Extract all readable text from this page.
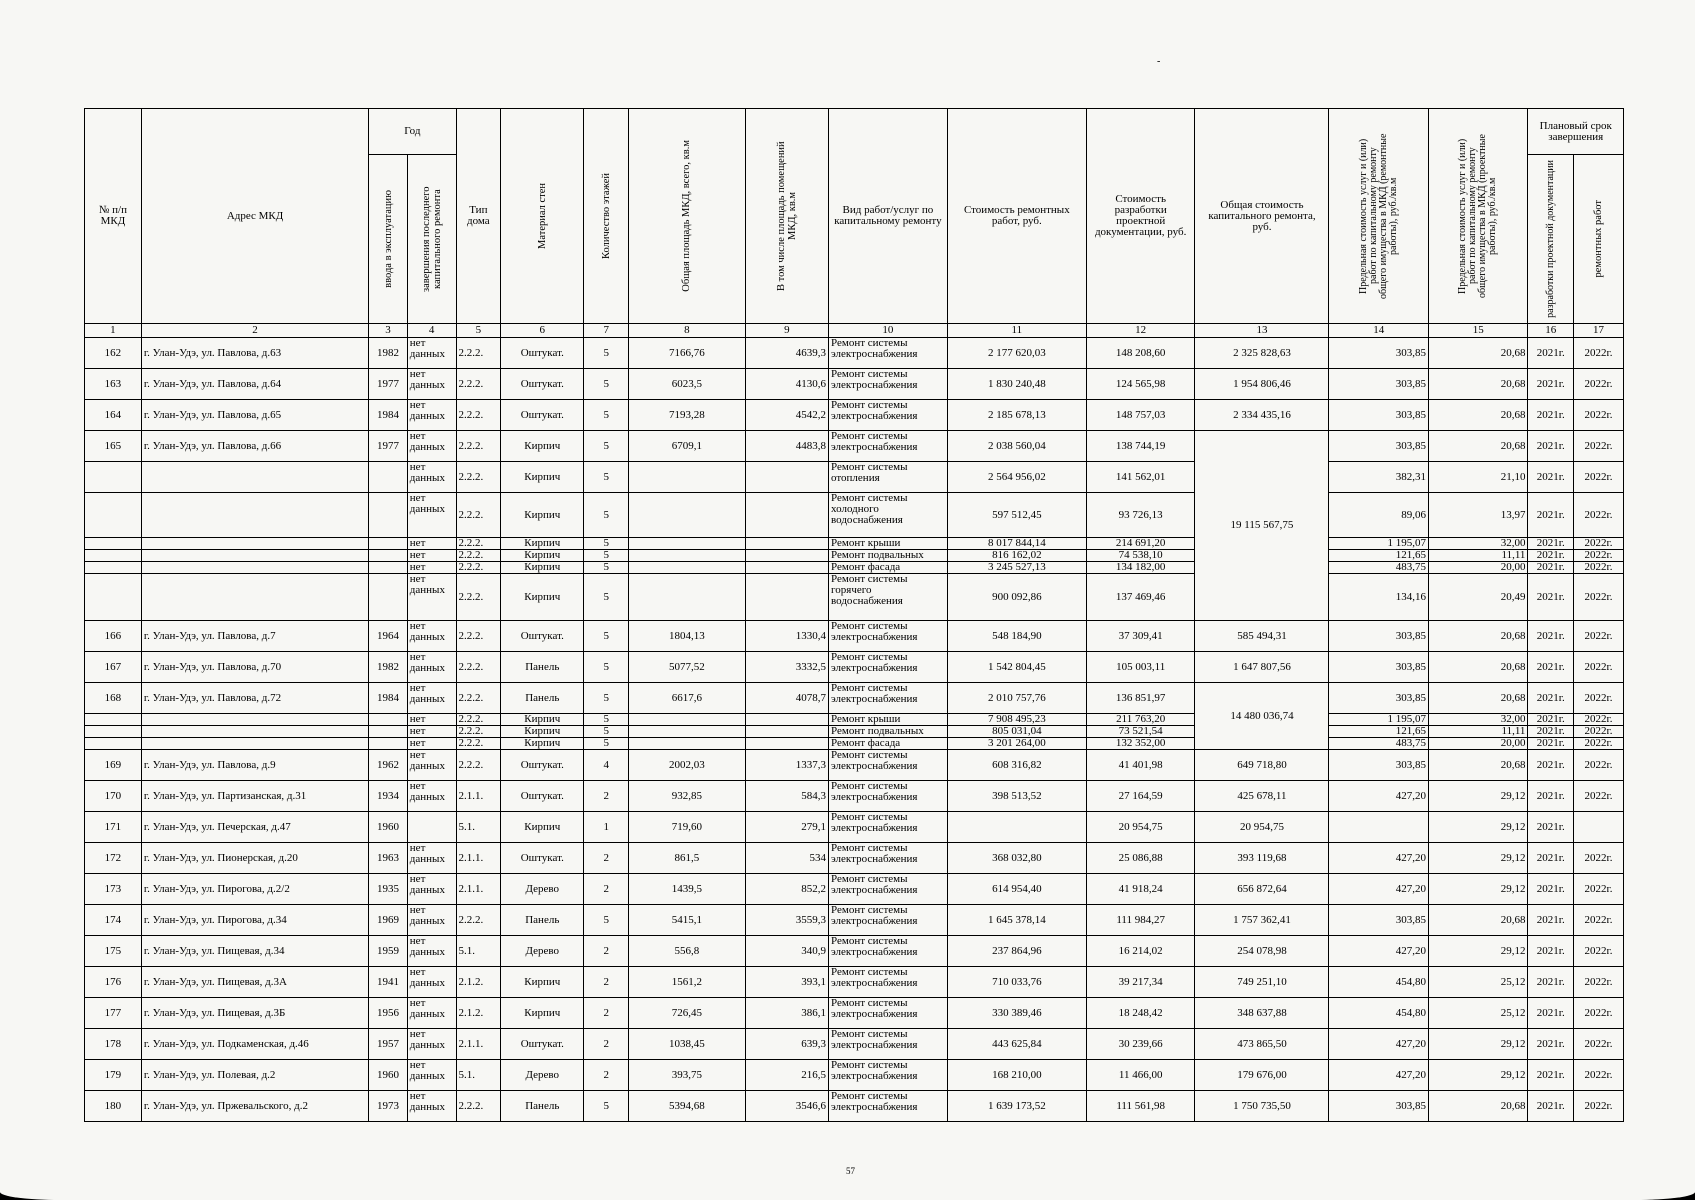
-
№ п/п МКД	Адрес МКД	Год		Тип дома	Материал стен	Количество этажей	Общая площадь МКД, всего, кв.м	В том числе площадь помещений МКД, кв.м	Вид работ/услуг по капитальному ремонту	Стоимость ремонтных работ, руб.	Стоимость разработки проектной документации, руб.	Общая стоимость капитального ремонта, руб.	Предельная стоимость услуг и (или) работ по капитальному ремонту общего имущества в МКД (ремонтные работы), руб./кв.м	Предельная стоимость услуг и (или) работ по капитальному ремонту общего имущества в МКД (проектные работы), руб./кв.м	Плановый срок завершения	

		ввода в эксплуатацию	завершения последнего капитального ремонта												разработки проектной документации	ремонтных работ

1	2	3	4	5	6	7	8	9	10	11	12	13	14	15	16	17
162	г. Улан-Удэ, ул. Павлова, д.63	1982	нет данных	2.2.2.	Оштукат.	5	7166,76	4639,3	Ремонт системы электроснабжения	2 177 620,03	148 208,60	2 325 828,63	303,85	20,68	2021г.	2022г.
163	г. Улан-Удэ, ул. Павлова, д.64	1977	нет данных	2.2.2.	Оштукат.	5	6023,5	4130,6	Ремонт системы электроснабжения	1 830 240,48	124 565,98	1 954 806,46	303,85	20,68	2021г.	2022г.
164	г. Улан-Удэ, ул. Павлова, д.65	1984	нет данных	2.2.2.	Оштукат.	5	7193,28	4542,2	Ремонт системы электроснабжения	2 185 678,13	148 757,03	2 334 435,16	303,85	20,68	2021г.	2022г.
165	г. Улан-Удэ, ул. Павлова, д.66	1977	нет данных	2.2.2.	Кирпич	5	6709,1	4483,8	Ремонт системы электроснабжения	2 038 560,04	138 744,19	19 115 567,75	303,85	20,68	2021г.	2022г.
			нет данных	2.2.2.	Кирпич	5			Ремонт системы отопления	2 564 956,02	141 562,01		382,31	21,10	2021г.	2022г.
			нет данных	2.2.2.	Кирпич	5			Ремонт системы холодного водоснабжения	597 512,45	93 726,13		89,06	13,97	2021г.	2022г.
			нет	2.2.2.	Кирпич	5			Ремонт крыши	8 017 844,14	214 691,20		1 195,07	32,00	2021г.	2022г.
			нет	2.2.2.	Кирпич	5			Ремонт подвальных	816 162,02	74 538,10		121,65	11,11	2021г.	2022г.
			нет	2.2.2.	Кирпич	5			Ремонт фасада	3 245 527,13	134 182,00		483,75	20,00	2021г.	2022г.
			нет данных	2.2.2.	Кирпич	5			Ремонт системы горячего водоснабжения	900 092,86	137 469,46		134,16	20,49	2021г.	2022г.
166	г. Улан-Удэ, ул. Павлова, д.7	1964	нет данных	2.2.2.	Оштукат.	5	1804,13	1330,4	Ремонт системы электроснабжения	548 184,90	37 309,41	585 494,31	303,85	20,68	2021г.	2022г.
167	г. Улан-Удэ, ул. Павлова, д.70	1982	нет данных	2.2.2.	Панель	5	5077,52	3332,5	Ремонт системы электроснабжения	1 542 804,45	105 003,11	1 647 807,56	303,85	20,68	2021г.	2022г.
168	г. Улан-Удэ, ул. Павлова, д.72	1984	нет данных	2.2.2.	Панель	5	6617,6	4078,7	Ремонт системы электроснабжения	2 010 757,76	136 851,97	14 480 036,74	303,85	20,68	2021г.	2022г.
			нет	2.2.2.	Кирпич	5			Ремонт крыши	7 908 495,23	211 763,20		1 195,07	32,00	2021г.	2022г.
			нет	2.2.2.	Кирпич	5			Ремонт подвальных	805 031,04	73 521,54		121,65	11,11	2021г.	2022г.
			нет	2.2.2.	Кирпич	5			Ремонт фасада	3 201 264,00	132 352,00		483,75	20,00	2021г.	2022г.
169	г. Улан-Удэ, ул. Павлова, д.9	1962	нет данных	2.2.2.	Оштукат.	4	2002,03	1337,3	Ремонт системы электроснабжения	608 316,82	41 401,98	649 718,80	303,85	20,68	2021г.	2022г.
170	г. Улан-Удэ, ул. Партизанская, д.31	1934	нет данных	2.1.1.	Оштукат.	2	932,85	584,3	Ремонт системы электроснабжения	398 513,52	27 164,59	425 678,11	427,20	29,12	2021г.	2022г.
171	г. Улан-Удэ, ул. Печерская, д.47	1960		5.1.	Кирпич	1	719,60	279,1	Ремонт системы электроснабжения		20 954,75	20 954,75		29,12	2021г.	
172	г. Улан-Удэ, ул. Пионерская, д.20	1963	нет данных	2.1.1.	Оштукат.	2	861,5	534	Ремонт системы электроснабжения	368 032,80	25 086,88	393 119,68	427,20	29,12	2021г.	2022г.
173	г. Улан-Удэ, ул. Пирогова, д.2/2	1935	нет данных	2.1.1.	Дерево	2	1439,5	852,2	Ремонт системы электроснабжения	614 954,40	41 918,24	656 872,64	427,20	29,12	2021г.	2022г.
174	г. Улан-Удэ, ул. Пирогова, д.34	1969	нет данных	2.2.2.	Панель	5	5415,1	3559,3	Ремонт системы электроснабжения	1 645 378,14	111 984,27	1 757 362,41	303,85	20,68	2021г.	2022г.
175	г. Улан-Удэ, ул. Пищевая, д.34	1959	нет данных	5.1.	Дерево	2	556,8	340,9	Ремонт системы электроснабжения	237 864,96	16 214,02	254 078,98	427,20	29,12	2021г.	2022г.
176	г. Улан-Удэ, ул. Пищевая, д.3А	1941	нет данных	2.1.2.	Кирпич	2	1561,2	393,1	Ремонт системы электроснабжения	710 033,76	39 217,34	749 251,10	454,80	25,12	2021г.	2022г.
177	г. Улан-Удэ, ул. Пищевая, д.3Б	1956	нет данных	2.1.2.	Кирпич	2	726,45	386,1	Ремонт системы электроснабжения	330 389,46	18 248,42	348 637,88	454,80	25,12	2021г.	2022г.
178	г. Улан-Удэ, ул. Подкаменская, д.46	1957	нет данных	2.1.1.	Оштукат.	2	1038,45	639,3	Ремонт системы электроснабжения	443 625,84	30 239,66	473 865,50	427,20	29,12	2021г.	2022г.
179	г. Улан-Удэ, ул. Полевая, д.2	1960	нет данных	5.1.	Дерево	2	393,75	216,5	Ремонт системы электроснабжения	168 210,00	11 466,00	179 676,00	427,20	29,12	2021г.	2022г.
180	г. Улан-Удэ, ул. Пржевальского, д.2	1973	нет данных	2.2.2.	Панель	5	5394,68	3546,6	Ремонт системы электроснабжения	1 639 173,52	111 561,98	1 750 735,50	303,85	20,68	2021г.	2022г.
57
